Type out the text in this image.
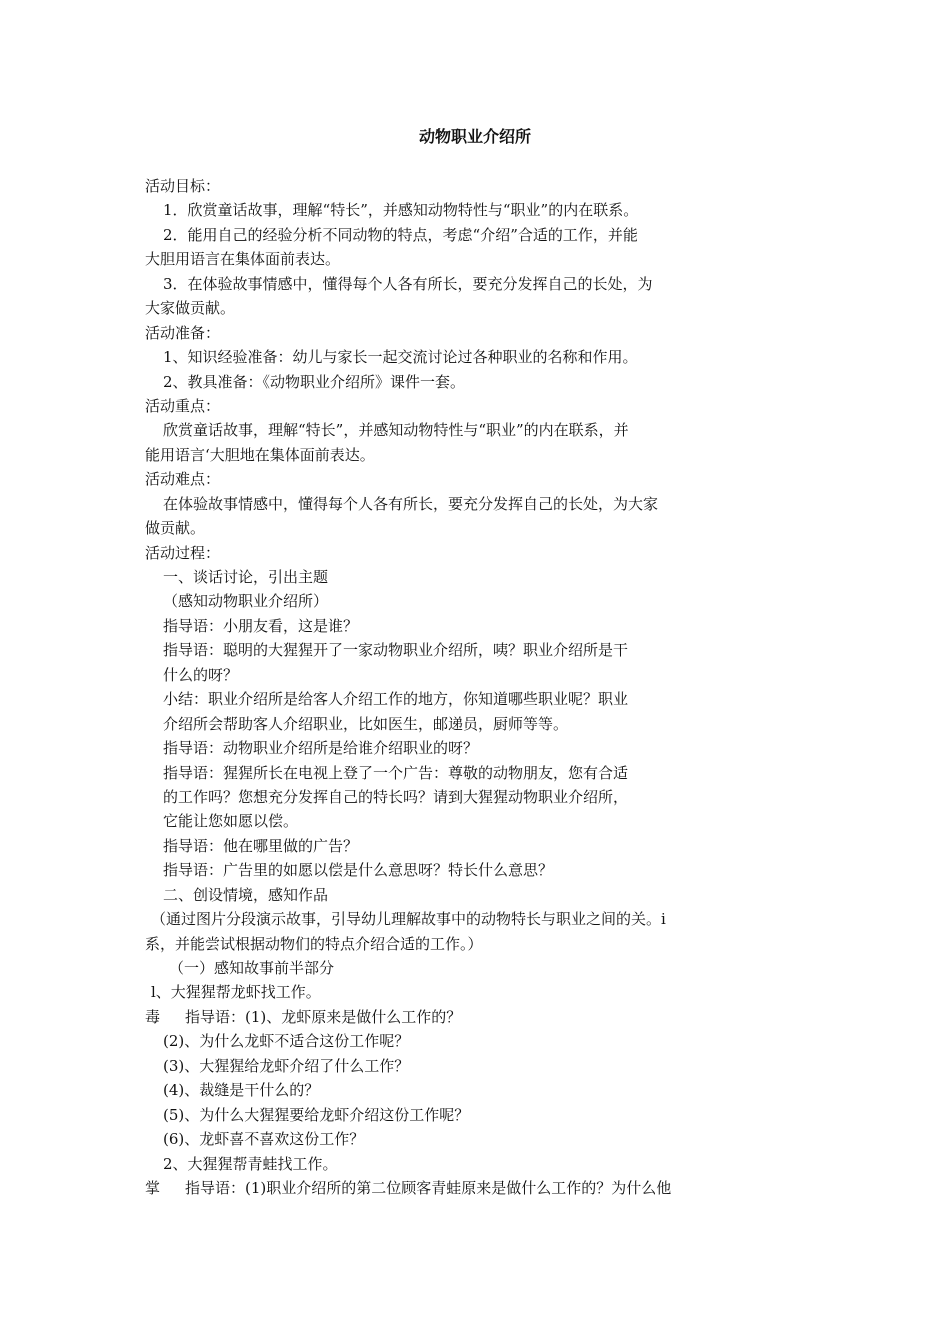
动物职业介绍所
活动目标：
1．欣赏童话故事，理解“特长”，并感知动物特性与“职业”的内在联系。
2．能用自己的经验分析不同动物的特点，考虑“介绍”合适的工作，并能
大胆用语言在集体面前表达。
3．在体验故事情感中，懂得每个人各有所长，要充分发挥自己的长处，为
大家做贡献。
活动准备：
1、知识经验准备：幼儿与家长一起交流讨论过各种职业的名称和作用。
2、教具准备：《动物职业介绍所》课件一套。
活动重点：
欣赏童话故事，理解“特长”，并感知动物特性与“职业”的内在联系，并
能用语言‘大胆地在集体面前表达。
活动难点：
在体验故事情感中，懂得每个人各有所长，要充分发挥自己的长处，为大家
做贡献。
活动过程：
一、谈话讨论，引出主题
（感知动物职业介绍所）
指导语：小朋友看，这是谁？
指导语：聪明的大猩猩开了一家动物职业介绍所，咦？职业介绍所是干
什么的呀？
小结：职业介绍所是给客人介绍工作的地方，你知道哪些职业呢？职业
介绍所会帮助客人介绍职业，比如医生，邮递员，厨师等等。
指导语：动物职业介绍所是给谁介绍职业的呀？
指导语：猩猩所长在电视上登了一个广告：尊敬的动物朋友，您有合适
的工作吗？您想充分发挥自己的特长吗？请到大猩猩动物职业介绍所，
它能让您如愿以偿。
指导语：他在哪里做的广告？
指导语：广告里的如愿以偿是什么意思呀？特长什么意思？
二、创设情境，感知作品
（通过图片分段演示故事，引导幼儿理解故事中的动物特长与职业之间的关。i
系，并能尝试根据动物们的特点介绍合适的工作。）
（一）感知故事前半部分
l、大猩猩帮龙虾找工作。
毒 指导语：(1)、龙虾原来是做什么工作的？
(2)、为什么龙虾不适合这份工作呢？
(3)、大猩猩给龙虾介绍了什么工作？
(4)、裁缝是干什么的？
(5)、为什么大猩猩要给龙虾介绍这份工作呢？
(6)、龙虾喜不喜欢这份工作？
2、大猩猩帮青蛙找工作。
掌 指导语：(1)职业介绍所的第二位顾客青蛙原来是做什么工作的？为什么他
